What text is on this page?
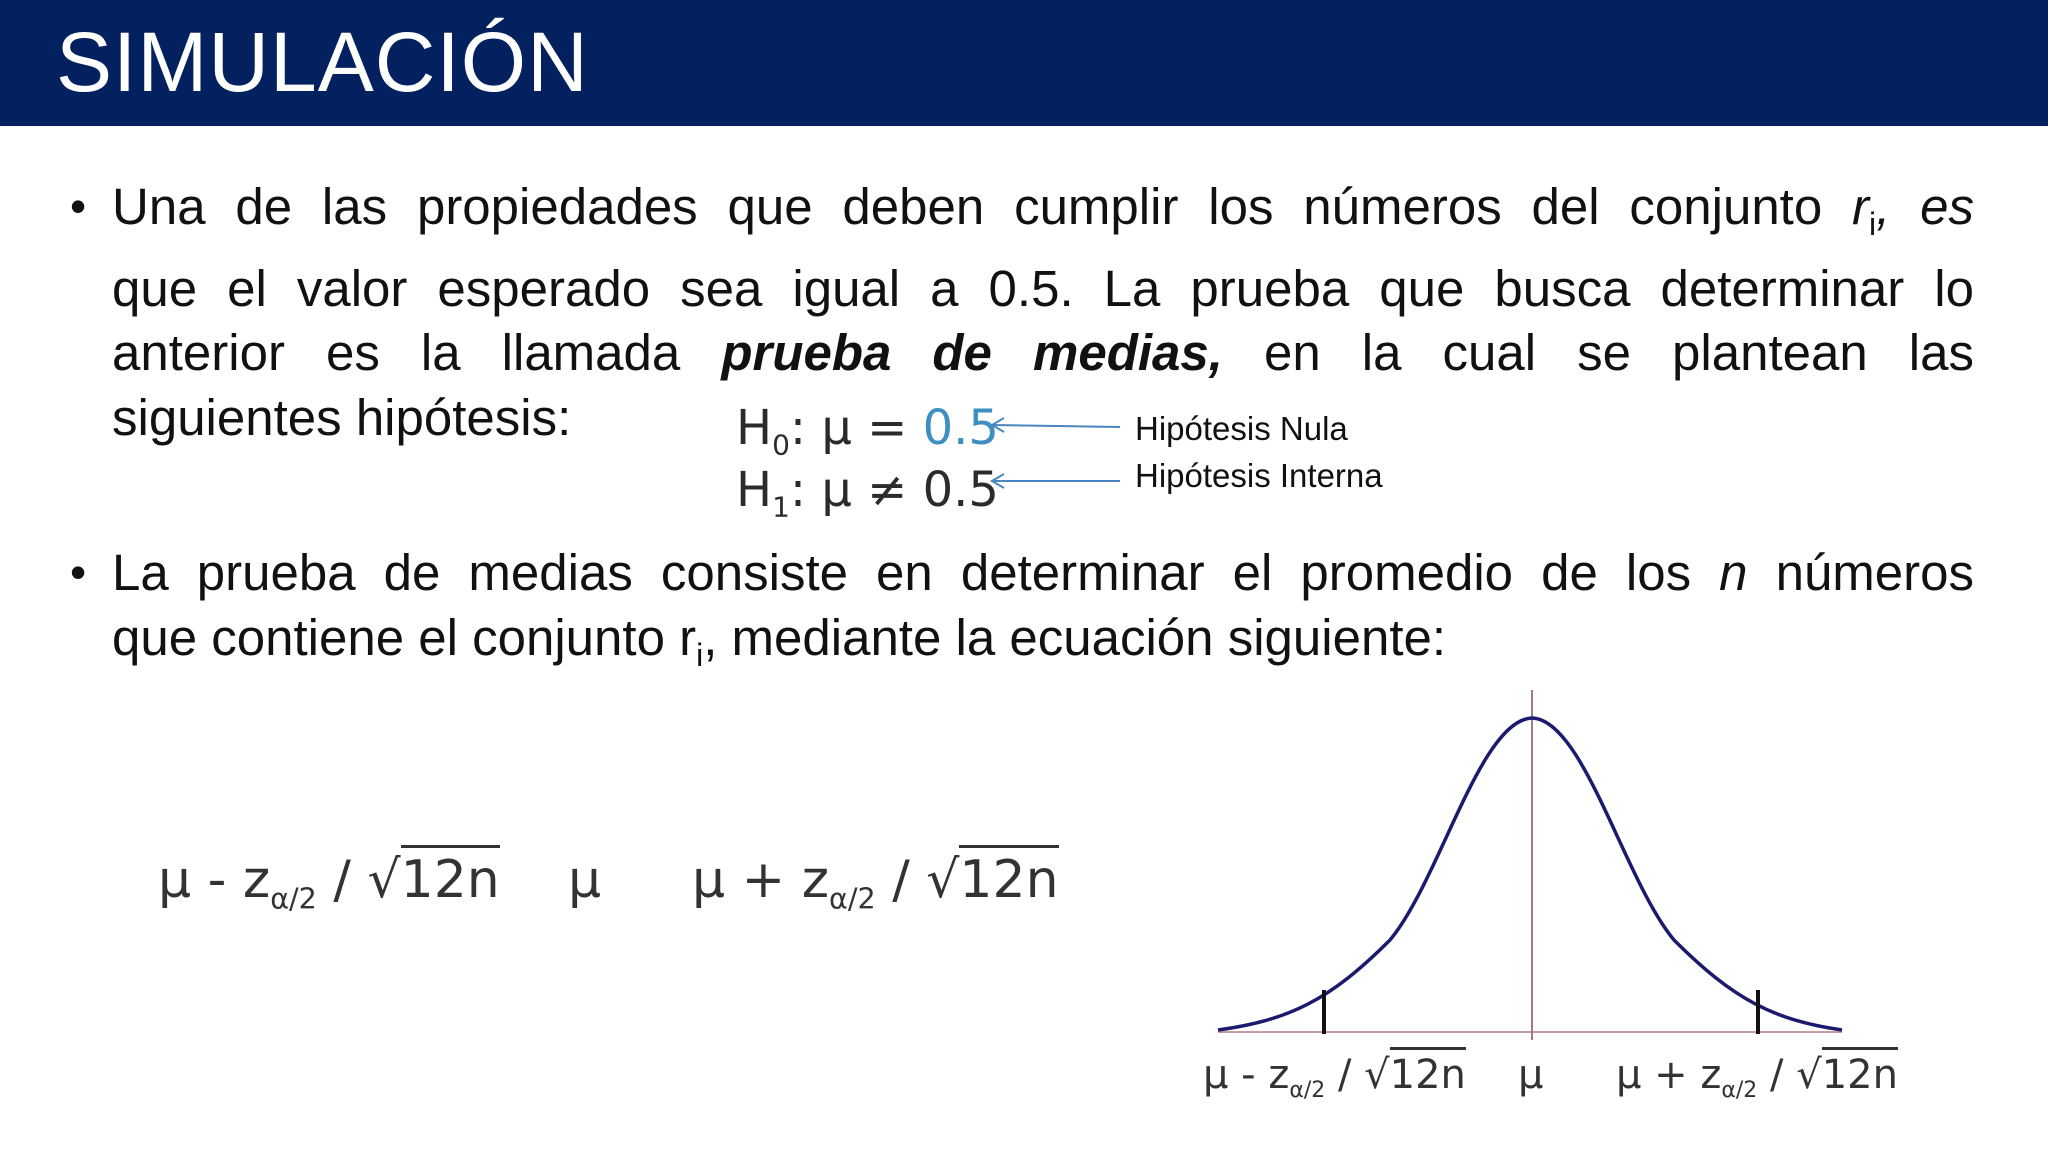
SIMULACIÓN
• Una de las propiedades que deben cumplir los números del conjunto $r_i$, es
que el valor esperado sea igual a 0.5. La prueba que busca determinar lo
anterior es la llamada prueba de medias, en la cual se plantean las
siguientes hipótesis:	$H_0$: μ = 0.5
$H_1$: μ ≠ 0.5
Hipótesis Nula
Hipótesis Interna
• La prueba de medias consiste en determinar el promedio de los n números
que contiene el conjunto $r_i$, mediante la ecuación siguiente:
μ - $z_{\alpha/2} / √12n$ μ $\mu + z_{\alpha/2} / √12n$
μ - $z_{\alpha/2} / √12n$ μ $\mu + z_{\alpha/2} / √12n$
